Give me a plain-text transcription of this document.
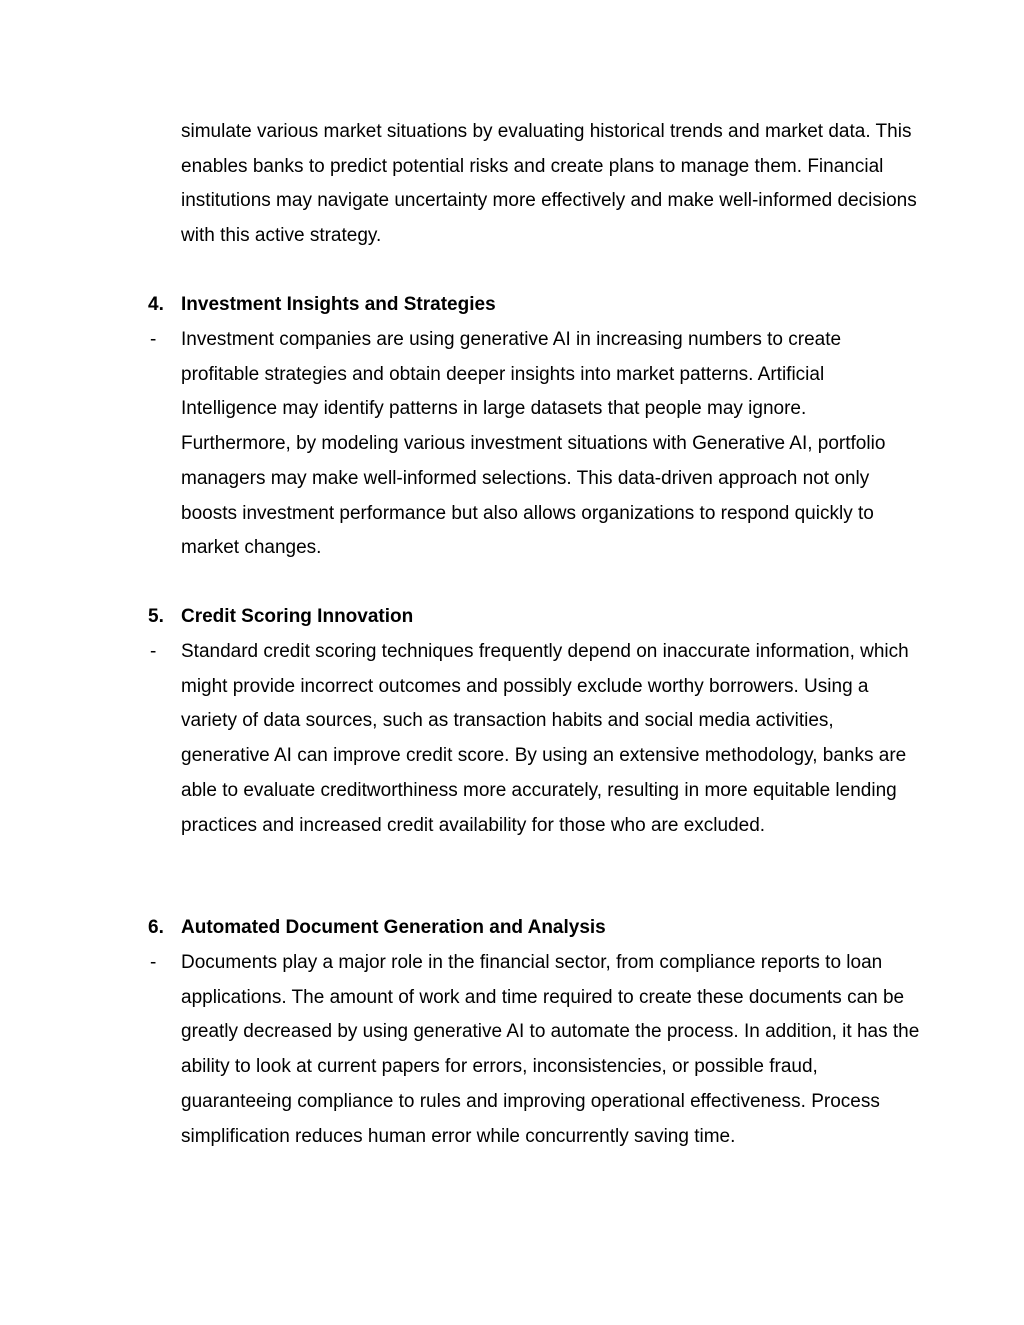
simulate various market situations by evaluating historical trends and market data. This enables banks to predict potential risks and create plans to manage them. Financial institutions may navigate uncertainty more effectively and make well-informed decisions with this active strategy.

4. Investment Insights and Strategies
-	Investment companies are using generative AI in increasing numbers to create profitable strategies and obtain deeper insights into market patterns. Artificial Intelligence may identify patterns in large datasets that people may ignore. Furthermore, by modeling various investment situations with Generative AI, portfolio managers may make well-informed selections. This data-driven approach not only boosts investment performance but also allows organizations to respond quickly to market changes.
5. Credit Scoring Innovation
-	Standard credit scoring techniques frequently depend on inaccurate information, which might provide incorrect outcomes and possibly exclude worthy borrowers. Using a variety of data sources, such as transaction habits and social media activities, generative AI can improve credit score. By using an extensive methodology, banks are able to evaluate creditworthiness more accurately, resulting in more equitable lending practices and increased credit availability for those who are excluded.
6. Automated Document Generation and Analysis
-	Documents play a major role in the financial sector, from compliance reports to loan applications. The amount of work and time required to create these documents can be greatly decreased by using generative AI to automate the process. In addition, it has the ability to look at current papers for errors, inconsistencies, or possible fraud, guaranteeing compliance to rules and improving operational effectiveness. Process simplification reduces human error while concurrently saving time.
